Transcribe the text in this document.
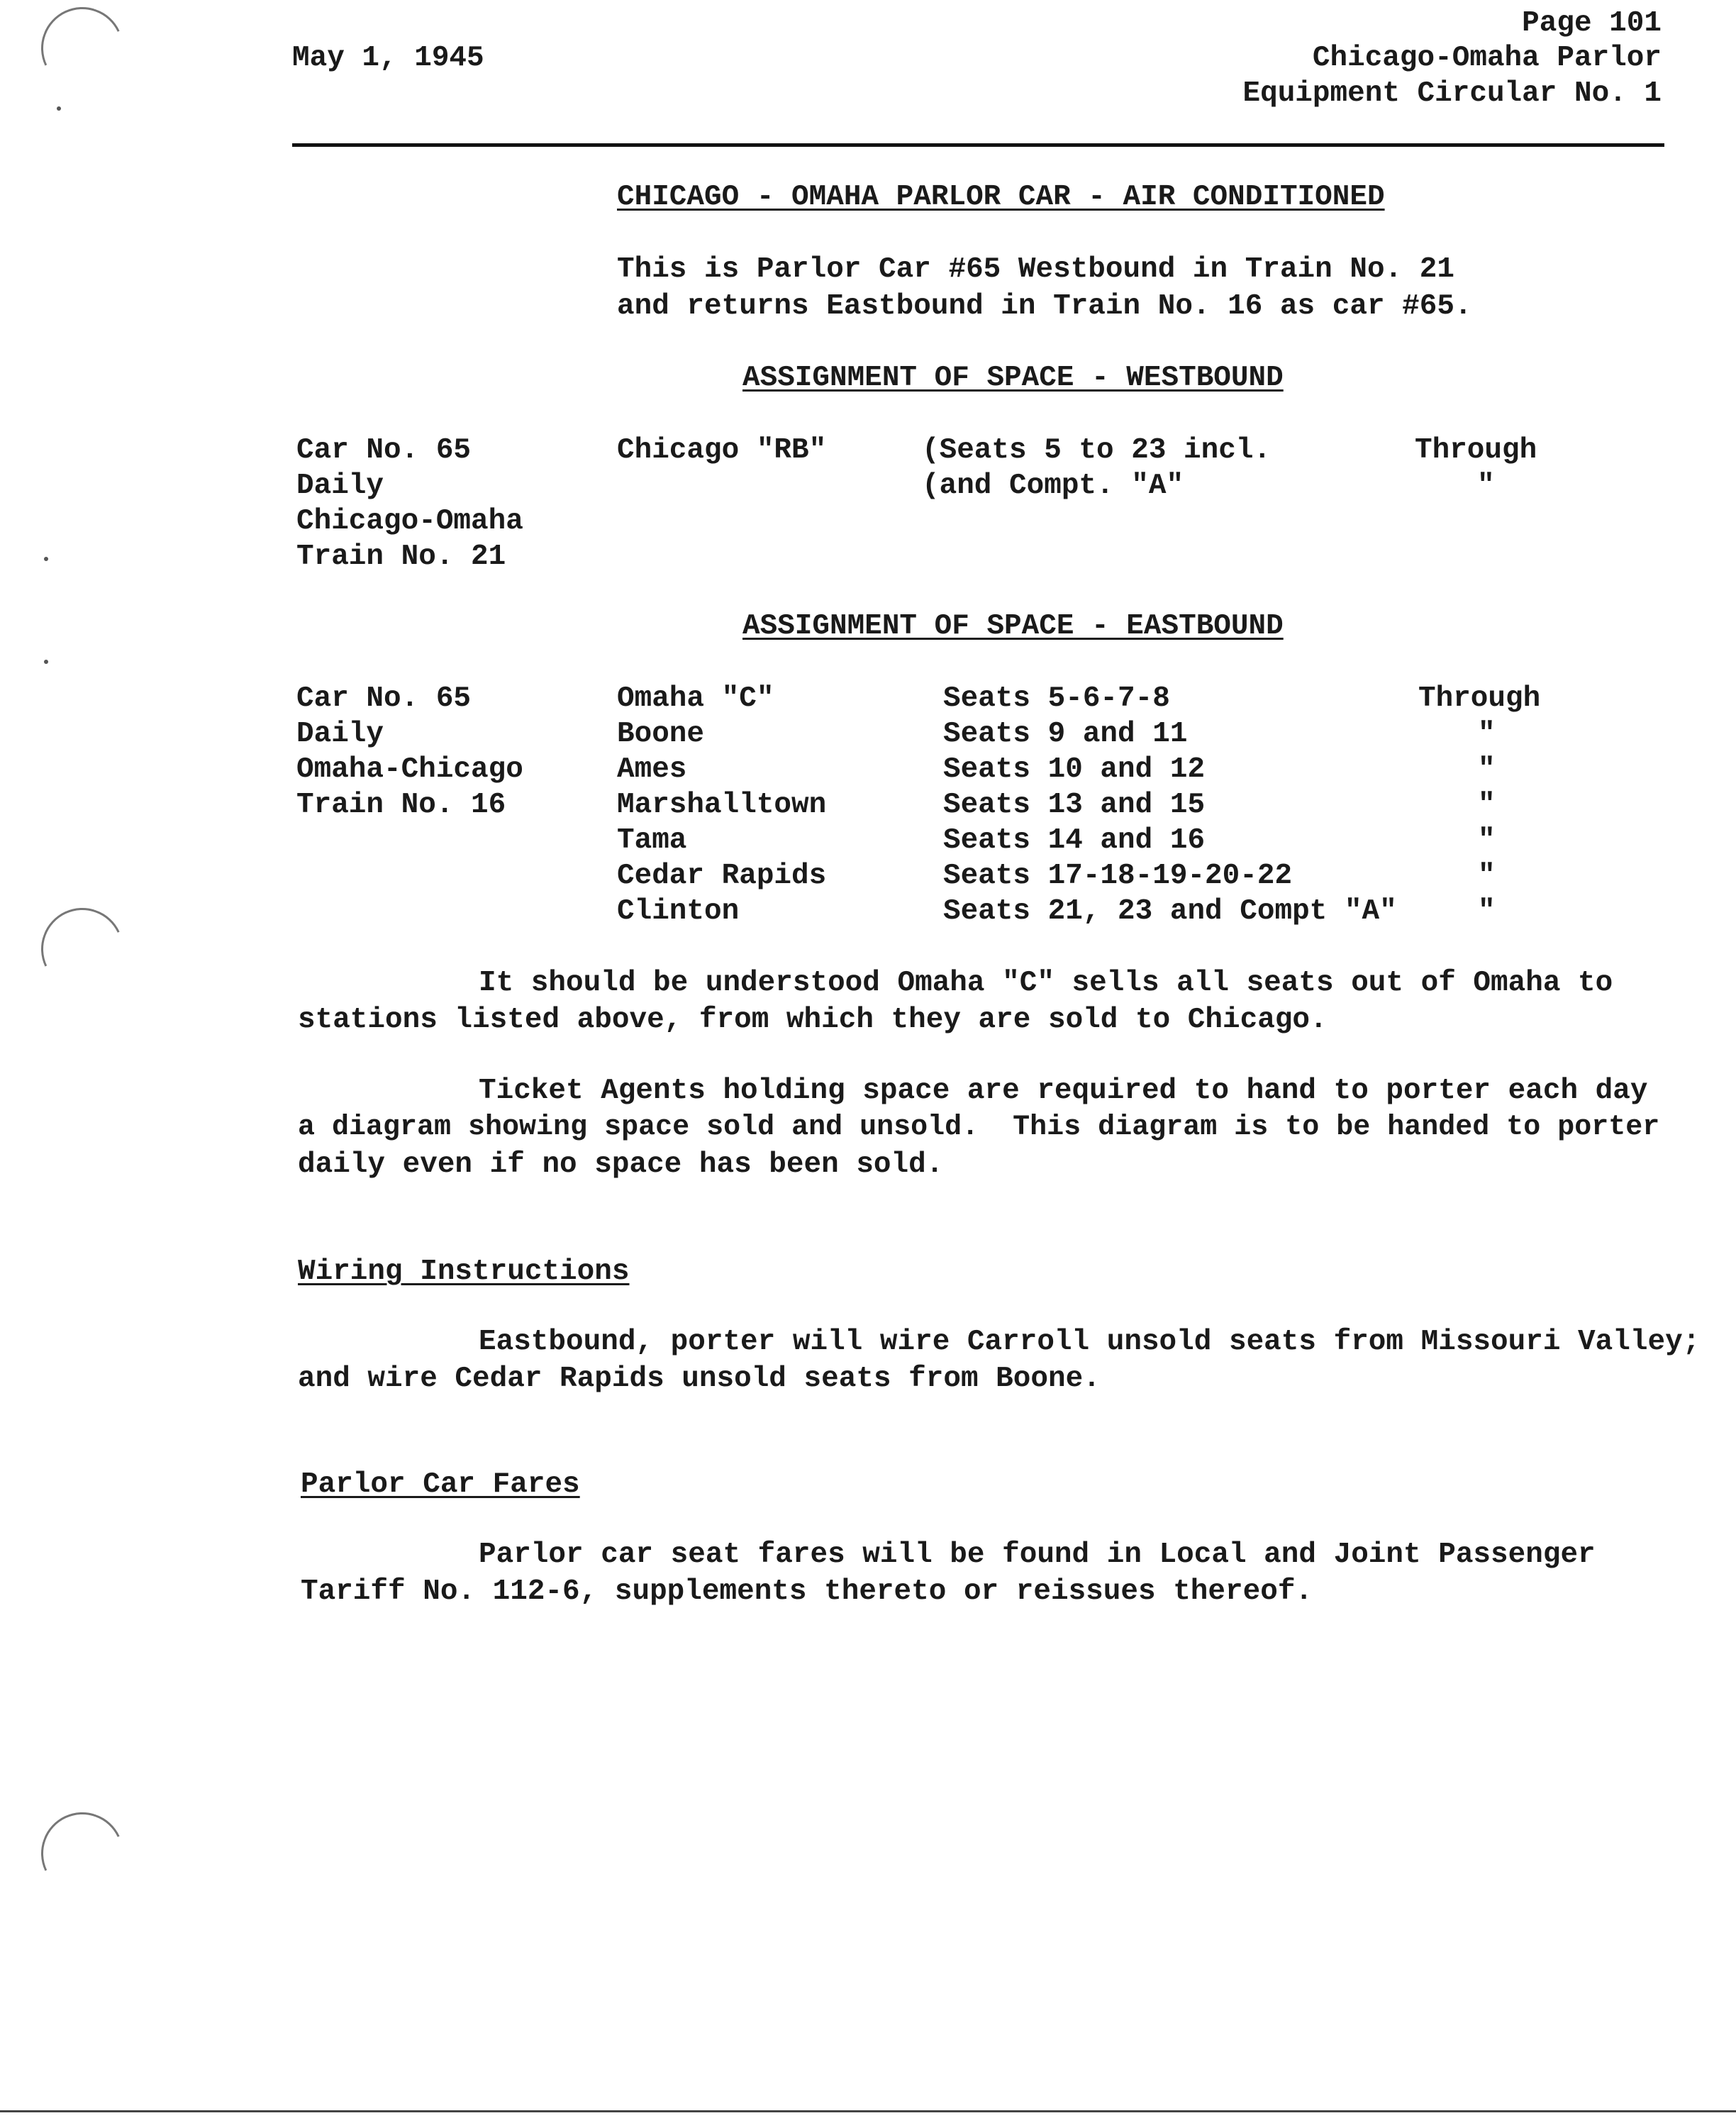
May 1, 1945
Page 101
Chicago-Omaha Parlor
Equipment Circular No. 1
CHICAGO - OMAHA PARLOR CAR - AIR CONDITIONED
This is Parlor Car #65 Westbound in Train No. 21
and returns Eastbound in Train No. 16 as car #65.
ASSIGNMENT OF SPACE - WESTBOUND
Car No. 65
Daily
Chicago-Omaha
Train No. 21
Chicago "RB"	(Seats 5 to 23 incl.
(and Compt. "A"
Through
"
ASSIGNMENT OF SPACE - EASTBOUND
Car No. 65
Daily
Omaha-Chicago
Train No. 16
Omaha "C"
Boone
Ames
Marshalltown
Tama
Cedar Rapids
Clinton
Seats 5-6-7-8
Seats 9 and 11
Seats 10 and 12
Seats 13 and 15
Seats 14 and 16
Seats 17-18-19-20-22
Seats 21, 23 and Compt "A"
Through
"
"
"
"
"
"
It should be understood Omaha "C" sells all seats out of Omaha to
stations listed above, from which they are sold to Chicago.
Ticket Agents holding space are required to hand to porter each day
a diagram showing space sold and unsold.  This diagram is to be handed to porter
daily even if no space has been sold.
Wiring Instructions
Eastbound, porter will wire Carroll unsold seats from Missouri Valley;
and wire Cedar Rapids unsold seats from Boone.
Parlor Car Fares
Parlor car seat fares will be found in Local and Joint Passenger
Tariff No. 112-6, supplements thereto or reissues thereof.
